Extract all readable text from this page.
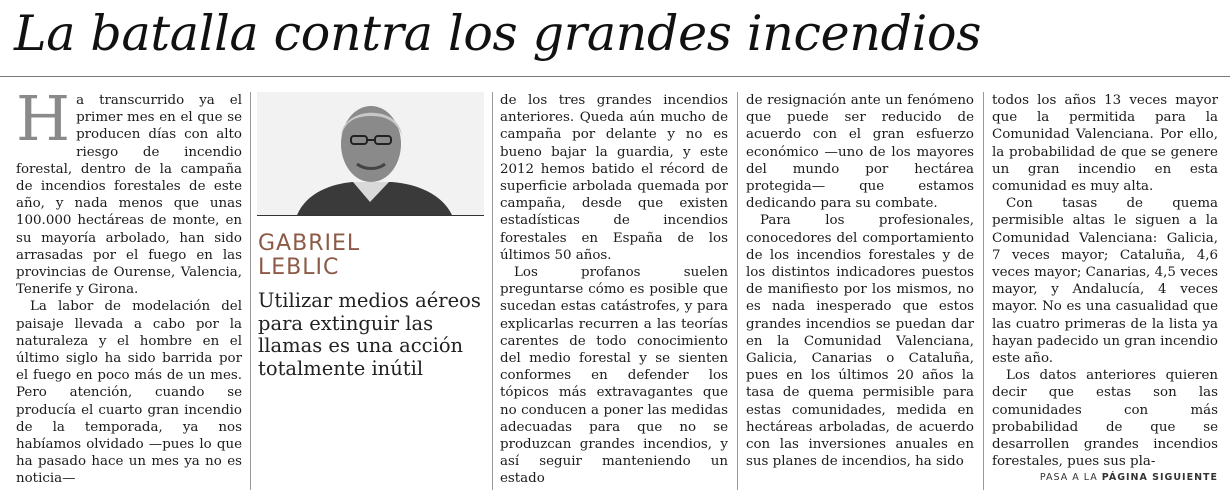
La batalla contra los grandes incendios

Ha transcurrido ya el primer mes en el que se producen días con alto riesgo de incendio forestal, dentro de la campaña de incendios forestales de este año, y nada menos que unas 100.000 hectáreas de monte, en su mayoría arbolado, han sido arrasadas por el fuego en las provincias de Ourense, Valencia, Tenerife y Girona.

La labor de modelación del paisaje llevada a cabo por la naturaleza y el hombre en el último siglo ha sido barrida por el fuego en poco más de un mes. Pero atención, cuando se producía el cuarto gran incendio de la temporada, ya nos habíamos olvidado —pues lo que ha pasado hace un mes ya no es noticia—

GABRIEL
LEBLIC
Utilizar medios aéreos para extinguir las llamas es una acción totalmente inútil

de los tres grandes incendios anteriores. Queda aún mucho de campaña por delante y no es bueno bajar la guardia, y este 2012 hemos batido el récord de superficie arbolada quemada por campaña, desde que existen estadísticas de incendios forestales en España de los últimos 50 años.

Los profanos suelen preguntarse cómo es posible que sucedan estas catástrofes, y para explicarlas recurren a las teorías carentes de todo conocimiento del medio forestal y se sienten conformes en defender los tópicos más extravagantes que no conducen a poner las medidas adecuadas para que no se produzcan grandes incendios, y así seguir manteniendo un estado

de resignación ante un fenómeno que puede ser reducido de acuerdo con el gran esfuerzo económico —uno de los mayores del mundo por hectárea protegida— que estamos dedicando para su combate.

Para los profesionales, conocedores del comportamiento de los incendios forestales y de los distintos indicadores puestos de manifiesto por los mismos, no es nada inesperado que estos grandes incendios se puedan dar en la Comunidad Valenciana, Galicia, Canarias o Cataluña, pues en los últimos 20 años la tasa de quema permisible para estas comunidades, medida en hectáreas arboladas, de acuerdo con las inversiones anuales en sus planes de incendios, ha sido

todos los años 13 veces mayor que la permitida para la Comunidad Valenciana. Por ello, la probabilidad de que se genere un gran incendio en esta comunidad es muy alta.

Con tasas de quema permisible altas le siguen a la Comunidad Valenciana: Galicia, 7 veces mayor; Cataluña, 4,6 veces mayor; Canarias, 4,5 veces mayor, y Andalucía, 4 veces mayor. No es una casualidad que las cuatro primeras de la lista ya hayan padecido un gran incendio este año.

Los datos anteriores quieren decir que estas son las comunidades con más probabilidad de que se desarrollen grandes incendios forestales, pues sus pla-

PASA A LA PÁGINA SIGUIENTE
